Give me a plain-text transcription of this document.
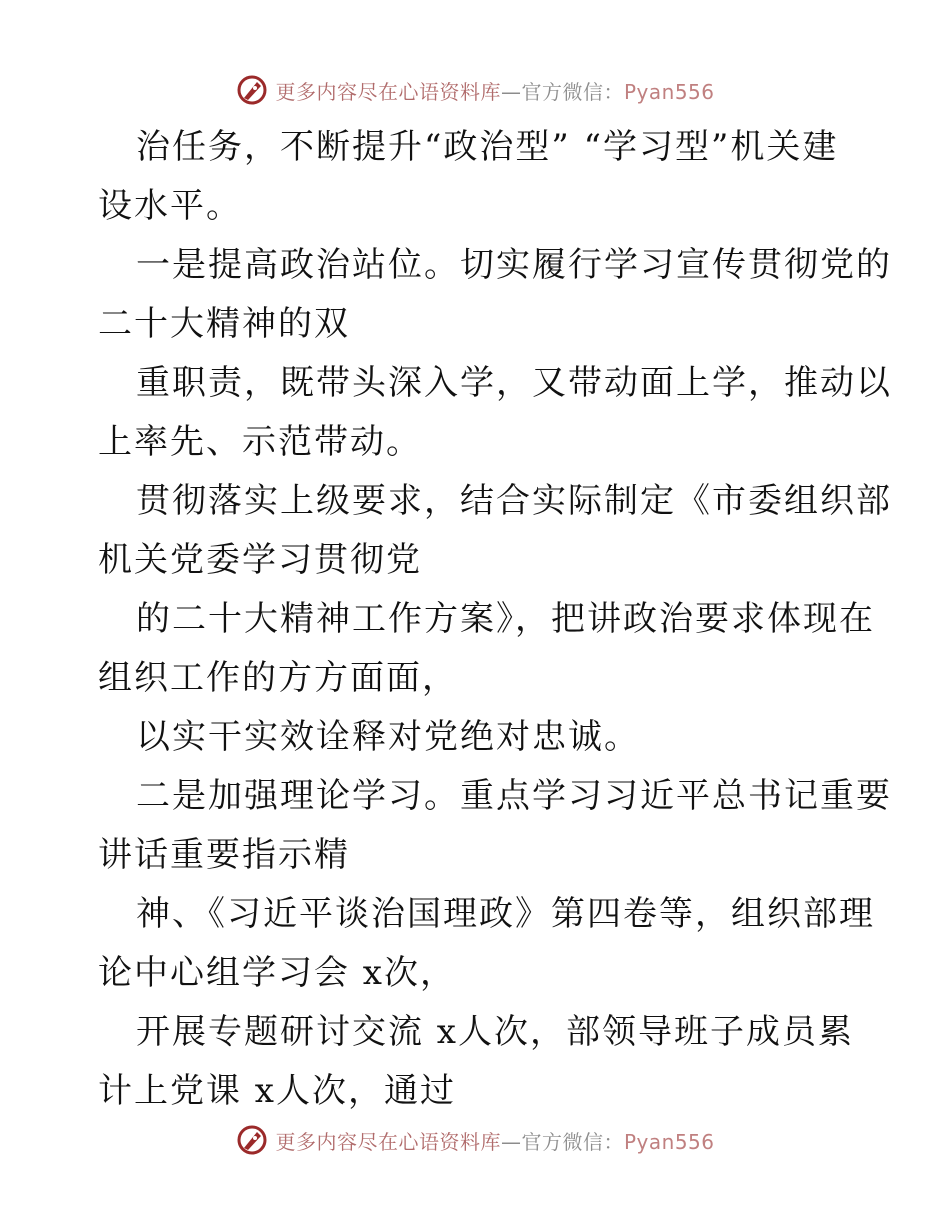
更多内容尽在心语资料库—官方微信：Pyan556
治任务，不断提升“政治型” “学习型”机关建
设水平。
一是提高政治站位。切实履行学习宣传贯彻党的
二十大精神的双
重职责，既带头深入学，又带动面上学，推动以
上率先、示范带动。
贯彻落实上级要求，结合实际制定《市委组织部
机关党委学习贯彻党
的二十大精神工作方案》，把讲政治要求体现在
组织工作的方方面面，
以实干实效诠释对党绝对忠诚。
二是加强理论学习。重点学习习近平总书记重要
讲话重要指示精
神、《习近平谈治国理政》第四卷等，组织部理
论中心组学习会 x次，
开展专题研讨交流 x人次，部领导班子成员累
计上党课 x人次，通过
更多内容尽在心语资料库—官方微信：Pyan556
